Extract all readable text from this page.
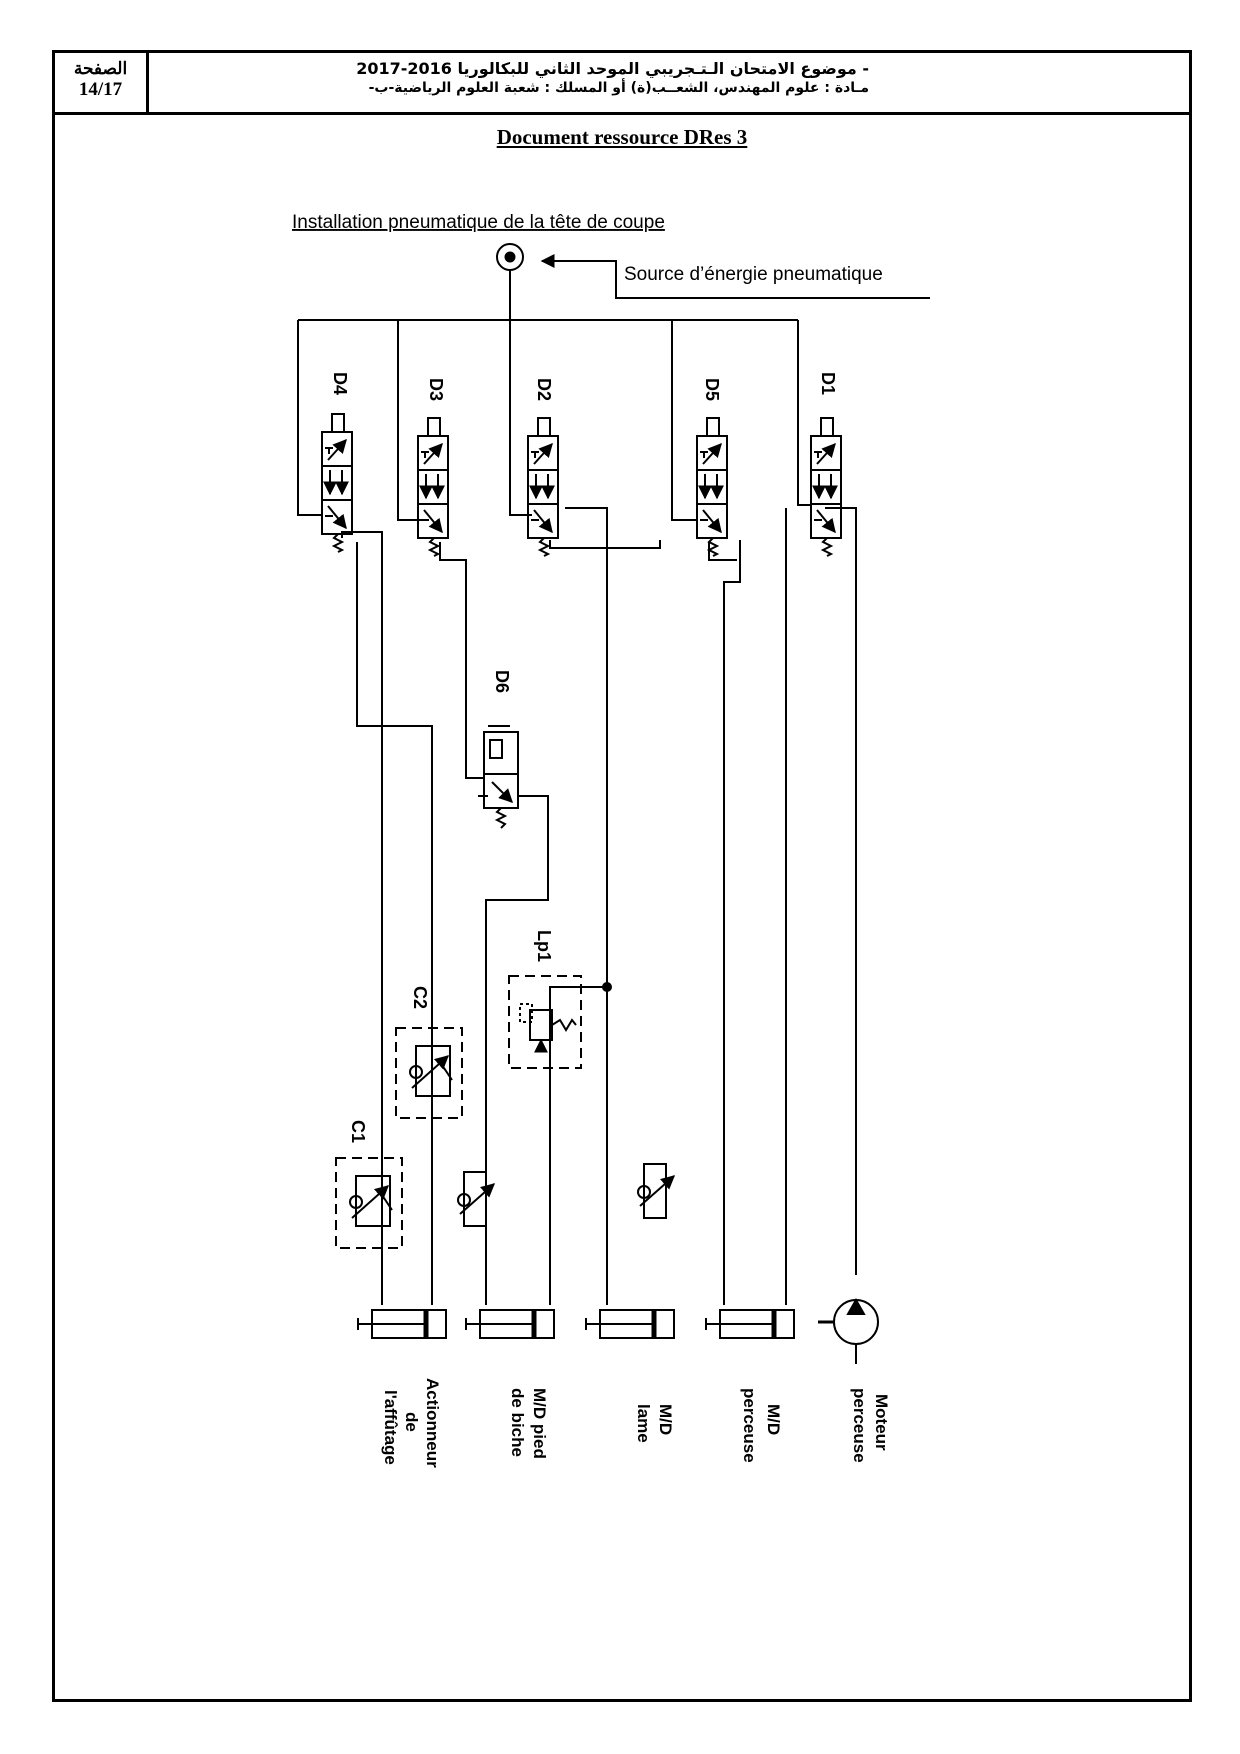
الصفحة
14/17
- موضوع الامتحان الـتـجريبي الموحد الثاني للبكالوريا 2016-2017
مـادة : علوم المهندس، الشعــب(ة) أو المسلك : شعبة العلوم الرياضية-ب-
Document ressource DRes 3
Installation pneumatique de la tête de coupe
Source d’énergie pneumatique
D4	D3	D2	D5	D1
D6
Lp1
C2
C1
Actionneur
de
l'affûtage	M/D pied
de biche	M/D
lame	M/D
perceuse	Moteur
perceuse
